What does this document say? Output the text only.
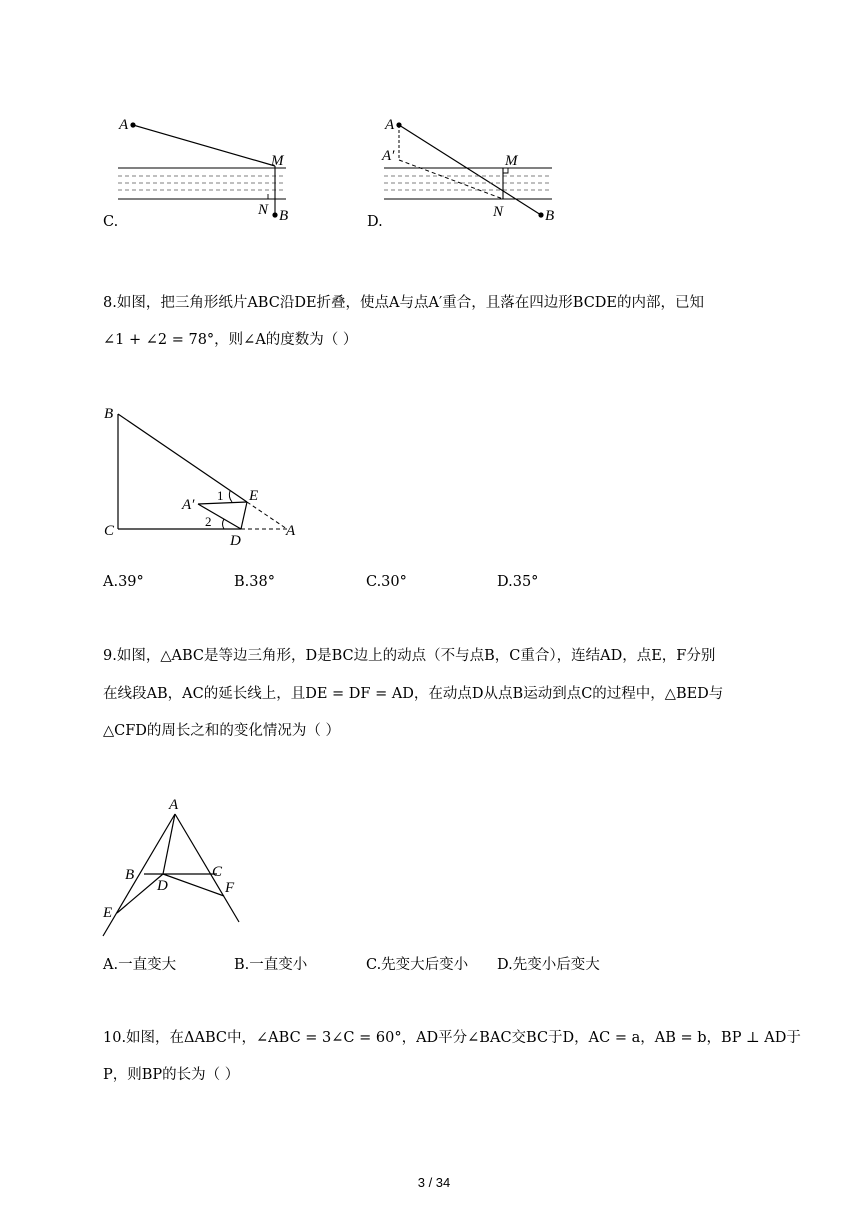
A
M
N B
C.
A
A′	M
N	B
D.
8.如图，把三角形纸片ABC沿DE折叠，使点A与点A′重合，且落在四边形BCDE的内部，已知
∠1 + ∠2 = 78°，则∠A的度数为（ ）
B
C
D
E
A
A′
1
2
A.39°	B.38°	C.30°	D.35°
9.如图，△ABC是等边三角形，D是BC边上的动点（不与点B，C重合），连结AD，点E，F分别
在线段AB，AC的延长线上，且DE = DF = AD，在动点D从点B运动到点C的过程中，△BED与
△CFD的周长之和的变化情况为（ ）
A
B	C
D
E
F
A.一直变大	B.一直变小	C.先变大后变小 D.先变小后变大
10.如图，在ΔABC中，∠ABC = 3∠C = 60°，AD平分∠BAC交BC于D，AC = a，AB = b，BP ⊥ AD于
P，则BP的长为（ ）
3 / 34
